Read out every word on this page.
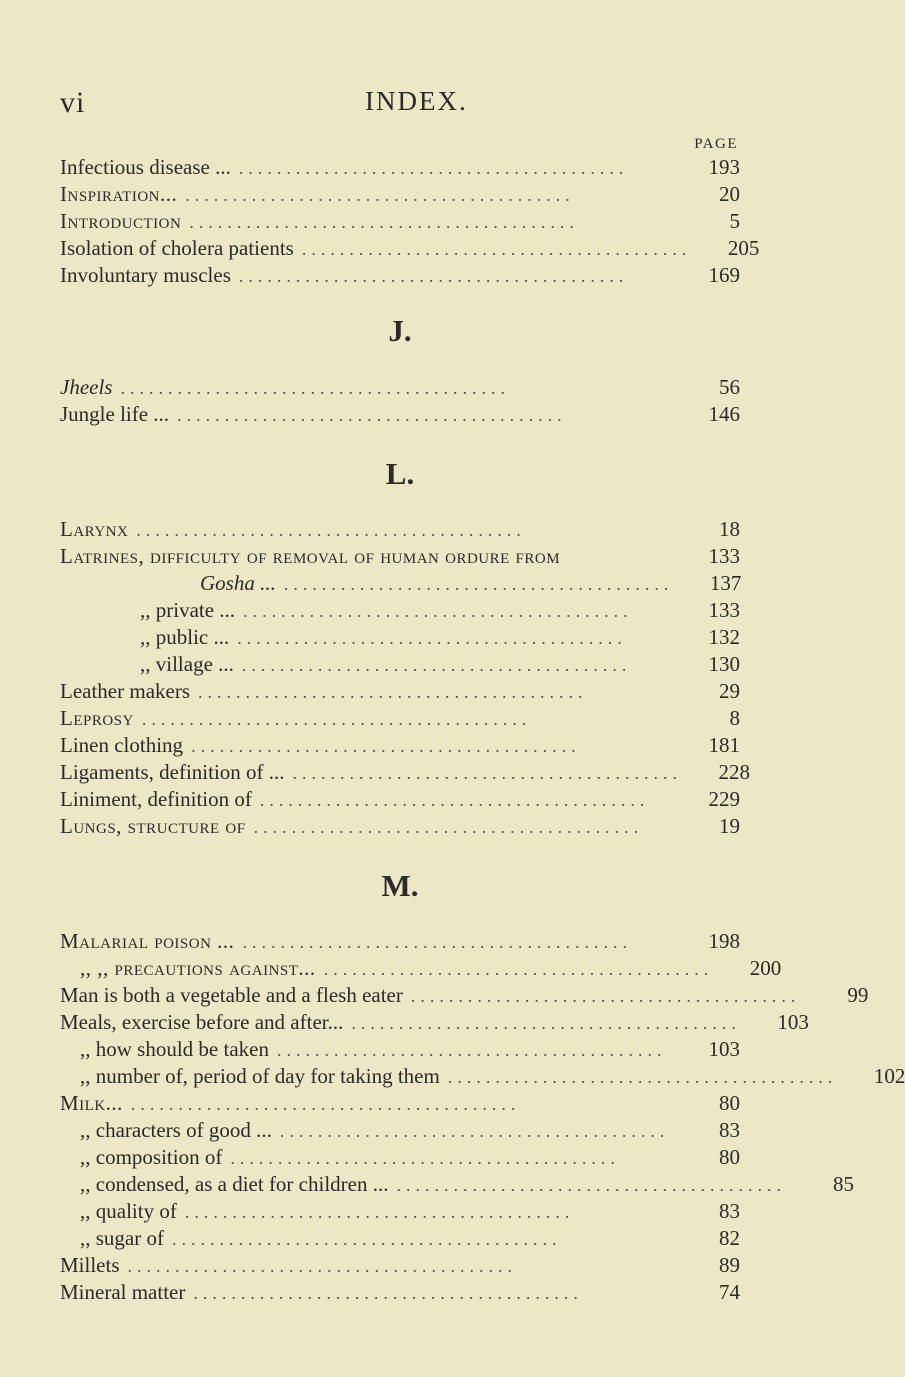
vi	INDEX.
PAGE
Infectious disease ... .........................................	193
Inspiration... .........................................	20
Introduction .........................................	5
Isolation of cholera patients .........................................	205
Involuntary muscles .........................................	169
J.
Jheels .........................................	56
Jungle life ... .........................................	146
L.
Larynx .........................................	18
Latrines, difficulty of removal of human ordure from	133
Gosha ... .........................................	137
,, private ... .........................................	133
,, public ... .........................................	132
,, village ... .........................................	130
Leather makers .........................................	29
Leprosy .........................................	8
Linen clothing .........................................	181
Ligaments, definition of ... .........................................	228
Liniment, definition of .........................................	229
Lungs, structure of .........................................	19
M.
Malarial poison ... .........................................	198
,, ,, precautions against... .........................................	200
Man is both a vegetable and a flesh eater .........................................	99
Meals, exercise before and after... .........................................	103
,, how should be taken .........................................	103
,, number of, period of day for taking them .........................................	102
Milk... .........................................	80
,, characters of good ... .........................................	83
,, composition of .........................................	80
,, condensed, as a diet for children ... .........................................	85
,, quality of .........................................	83
,, sugar of .........................................	82
Millets .........................................	89
Mineral matter .........................................	74
